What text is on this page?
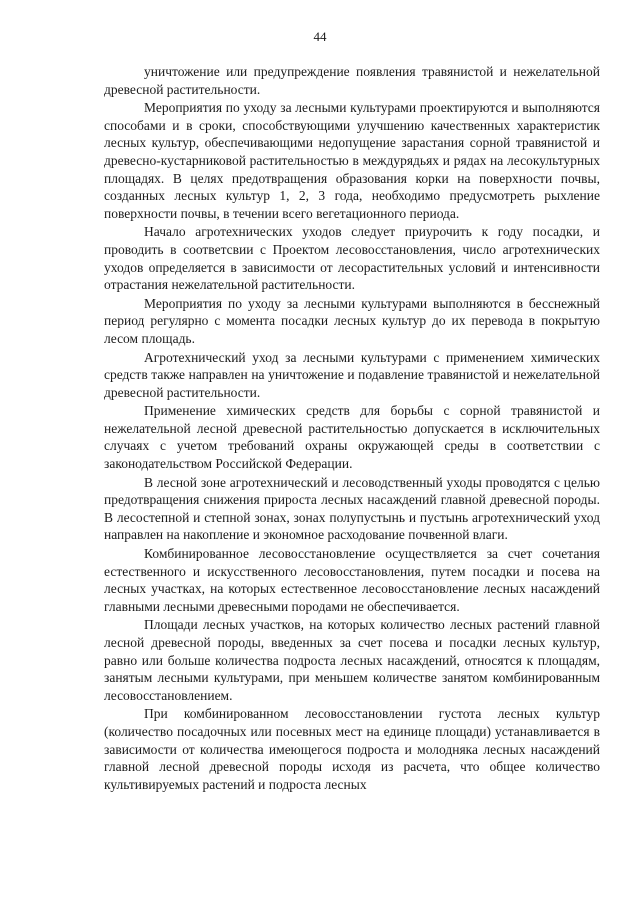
44

уничтожение или предупреждение появления травянистой и нежелательной древесной растительности.

Мероприятия по уходу за лесными культурами проектируются и выполняются способами и в сроки, способствующими улучшению качественных характеристик лесных культур, обеспечивающими недопущение зарастания сорной травянистой и древесно-кустарниковой растительностью в междурядьях и рядах на лесокультурных площадях. В целях предотвращения образования корки на поверхности почвы, созданных лесных культур 1, 2, 3 года, необходимо предусмотреть рыхление поверхности почвы, в течении всего вегетационного периода.

Начало агротехнических уходов следует приурочить к году посадки, и проводить в соответсвии с Проектом лесовосстановления, число агротехнических уходов определяется в зависимости от лесорастительных условий и интенсивности отрастания нежелательной растительности.

Мероприятия по уходу за лесными культурами выполняются в бесснежный период регулярно с момента посадки лесных культур до их перевода в покрытую лесом площадь.

Агротехнический уход за лесными культурами с применением химических средств также направлен на уничтожение и подавление травянистой и нежелательной древесной растительности.

Применение химических средств для борьбы с сорной травянистой и нежелательной лесной древесной растительностью допускается в исключительных случаях с учетом требований охраны окружающей среды в соответствии с законодательством Российской Федерации.

В лесной зоне агротехнический и лесоводственный уходы проводятся с целью предотвращения снижения прироста лесных насаждений главной древесной породы. В лесостепной и степной зонах, зонах полупустынь и пустынь агротехнический уход направлен на накопление и экономное расходование почвенной влаги.

Комбинированное лесовосстановление осуществляется за счет сочетания естественного и искусственного лесовосстановления, путем посадки и посева на лесных участках, на которых естественное лесовосстановление лесных насаждений главными лесными древесными породами не обеспечивается.

Площади лесных участков, на которых количество лесных растений главной лесной древесной породы, введенных за счет посева и посадки лесных культур, равно или больше количества подроста лесных насаждений, относятся к площадям, занятым лесными культурами, при меньшем количестве занятом комбинированным лесовосстановлением.

При комбинированном лесовосстановлении густота лесных культур (количество посадочных или посевных мест на единице площади) устанавливается в зависимости от количества имеющегося подроста и молодняка лесных насаждений главной лесной древесной породы исходя из расчета, что общее количество культивируемых растений и подроста лесных
